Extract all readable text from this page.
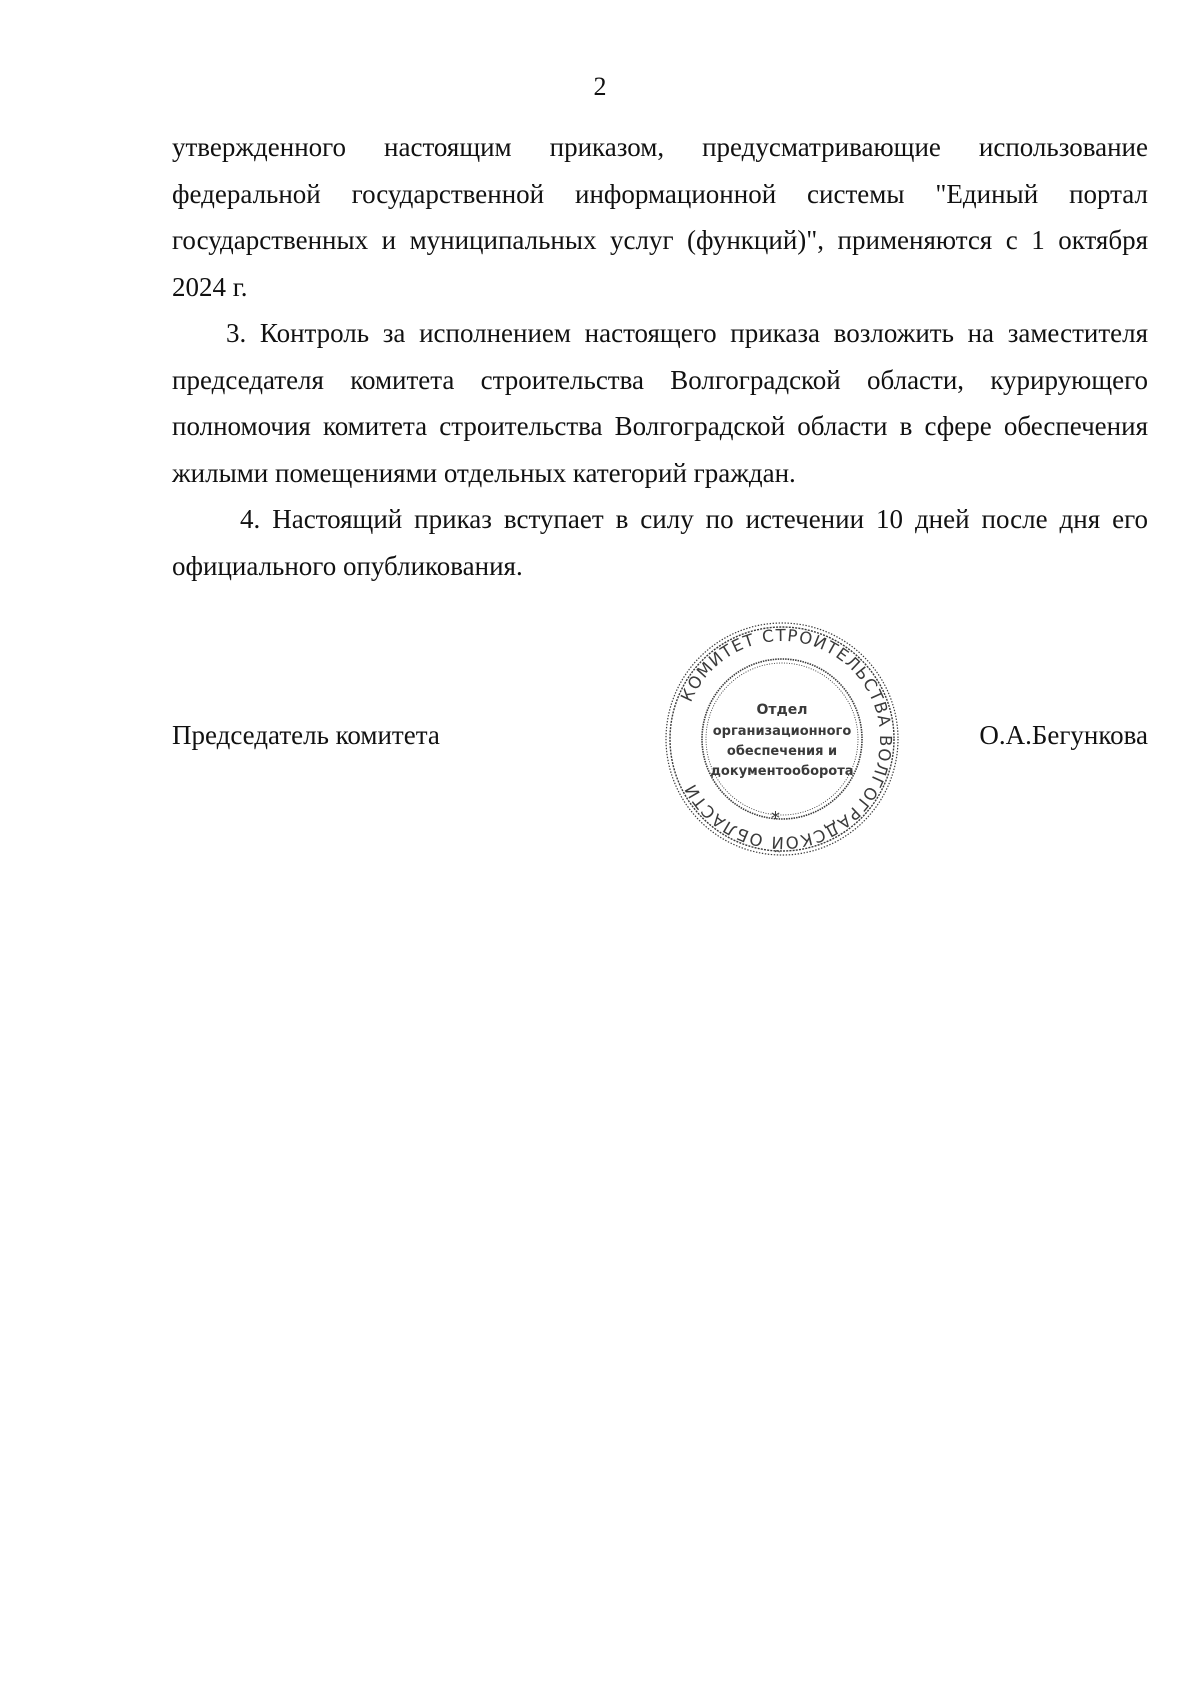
2

утвержденного настоящим приказом, предусматривающие использование федеральной государственной информационной системы "Единый портал государственных и муниципальных услуг (функций)", применяются с 1 октября 2024 г.

3. Контроль за исполнением настоящего приказа возложить на заместителя председателя комитета строительства Волгоградской области, курирующего полномочия комитета строительства Волгоградской области в сфере обеспечения жилыми помещениями отдельных категорий граждан.

4. Настоящий приказ вступает в силу по истечении 10 дней после дня его официального опубликования.

Председатель комитета
КОМИТЕТ СТРОИТЕЛЬСТВА ВОЛГОГРАДСКОЙ ОБЛАСТИ
Отдел
организационного
обеспечения и
документооборота
*
О.А.Бегункова
